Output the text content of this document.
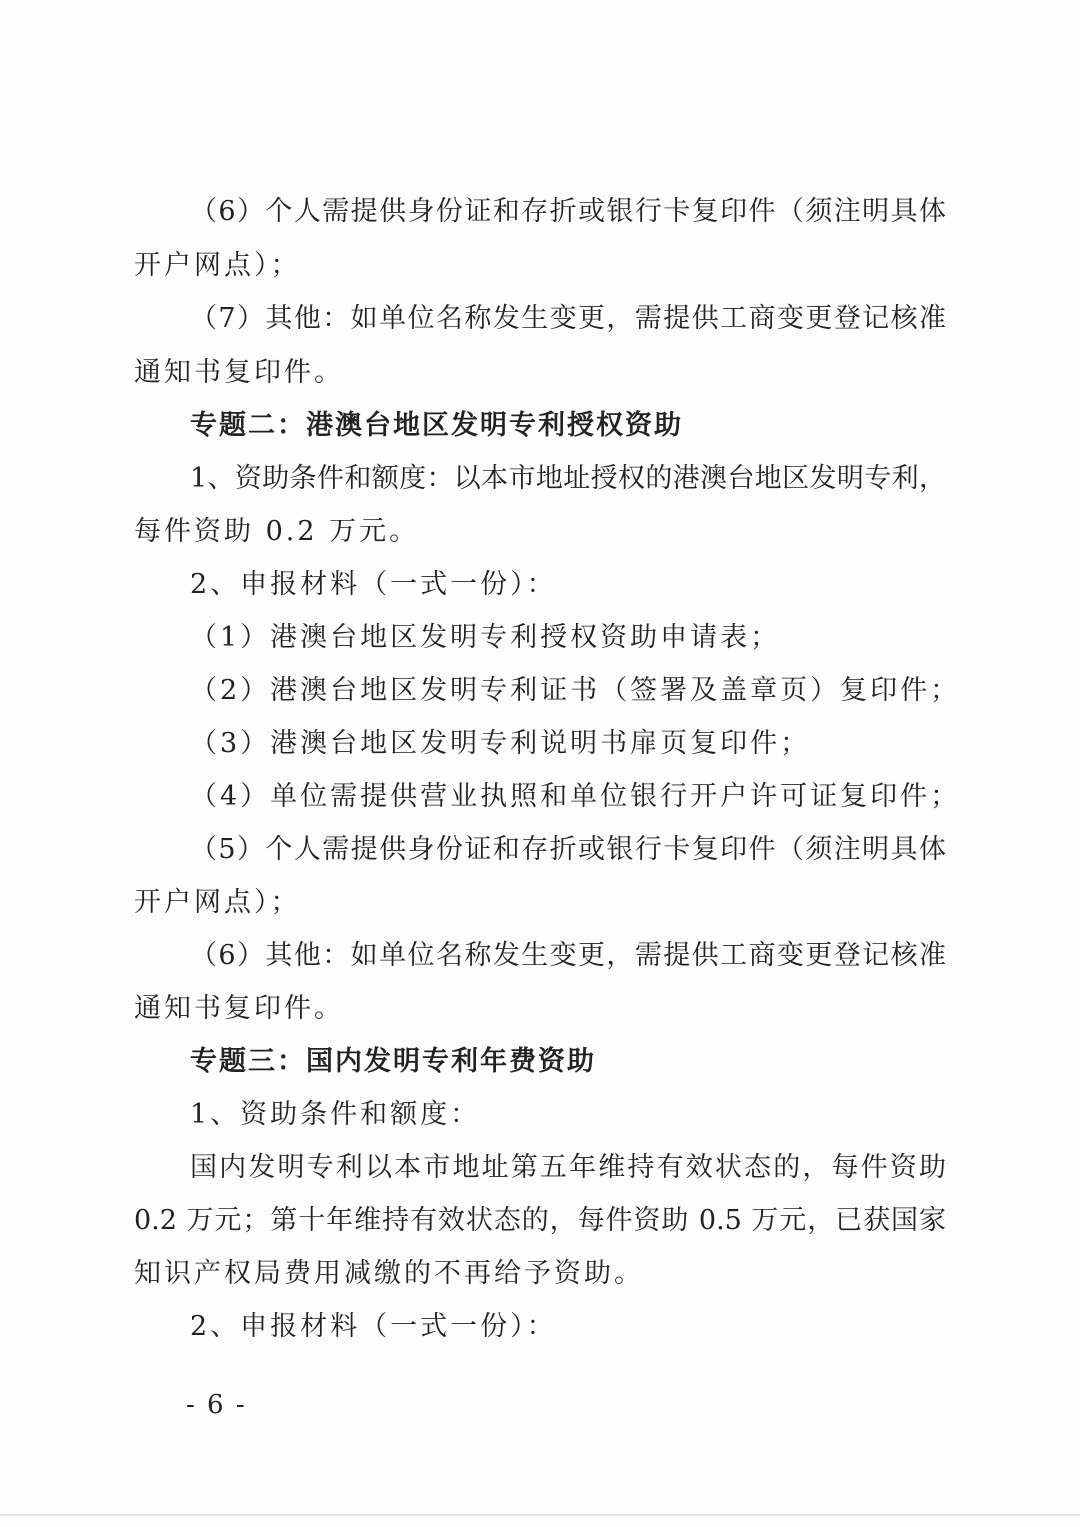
（6）个人需提供身份证和存折或银行卡复印件（须注明具体
开户网点）；
（7）其他：如单位名称发生变更，需提供工商变更登记核准
通知书复印件。
专题二：港澳台地区发明专利授权资助
1、资助条件和额度：以本市地址授权的港澳台地区发明专利，
每件资助 0.2 万元。
2、申报材料（一式一份）：
（1）港澳台地区发明专利授权资助申请表；
（2）港澳台地区发明专利证书（签署及盖章页）复印件；
（3）港澳台地区发明专利说明书扉页复印件；
（4）单位需提供营业执照和单位银行开户许可证复印件；
（5）个人需提供身份证和存折或银行卡复印件（须注明具体
开户网点）；
（6）其他：如单位名称发生变更，需提供工商变更登记核准
通知书复印件。
专题三：国内发明专利年费资助
1、资助条件和额度：
国内发明专利以本市地址第五年维持有效状态的，每件资助
0.2 万元；第十年维持有效状态的，每件资助 0.5 万元，已获国家
知识产权局费用减缴的不再给予资助。
2、申报材料（一式一份）：
- 6 -
